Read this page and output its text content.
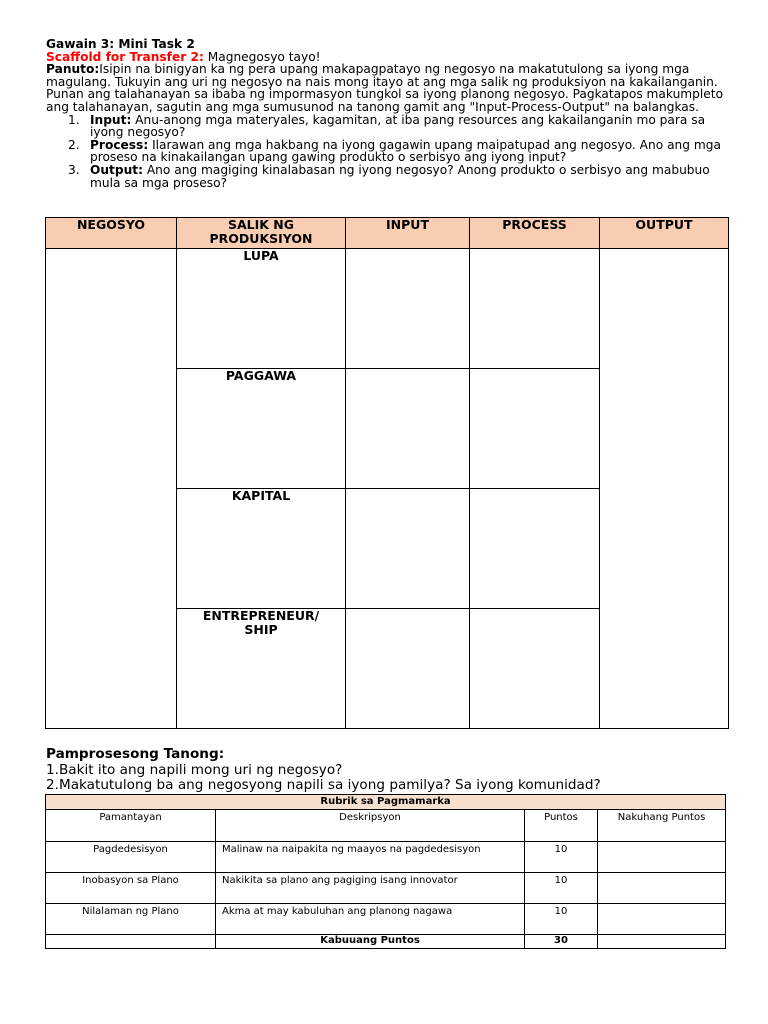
Gawain 3: Mini Task 2

Scaffold for Transfer 2: Magnegosyo tayo!

Panuto:Isipin na binigyan ka ng pera upang makapagpatayo ng negosyo na makatutulong sa iyong mga magulang. Tukuyin ang uri ng negosyo na nais mong itayo at ang mga salik ng produksiyon na kakailanganin. Punan ang talahanayan sa ibaba ng impormasyon tungkol sa iyong planong negosyo. Pagkatapos makumpleto ang talahanayan, sagutin ang mga sumusunod na tanong gamit ang "Input-Process-Output" na balangkas.

1. Input: Anu-anong mga materyales, kagamitan, at iba pang resources ang kakailanganin mo para sa iyong negosyo?
2. Process: Ilarawan ang mga hakbang na iyong gagawin upang maipatupad ang negosyo. Ano ang mga proseso na kinakailangan upang gawing produkto o serbisyo ang iyong input?
3. Output: Ano ang magiging kinalabasan ng iyong negosyo? Anong produkto o serbisyo ang mabubuo mula sa mga proseso?
NEGOSYO	SALIK NG PRODUKSIYON	INPUT	PROCESS	OUTPUT
	LUPA			
	PAGGAWA			
	KAPITAL			
	ENTREPRENEUR/ SHIP			

Pamprosesong Tanong:

1.Bakit ito ang napili mong uri ng negosyo?

2.Makatutulong ba ang negosyong napili sa iyong pamilya? Sa iyong komunidad?

Rubrik sa Pagmamarka			
Pamantayan	Deskripsyon	Puntos	Nakuhang Puntos
Pagdedesisyon	Malinaw na naipakita ng maayos na pagdedesisyon	10	
Inobasyon sa Plano	Nakikita sa plano ang pagiging isang innovator	10	
Nilalaman ng Plano	Akma at may kabuluhan ang planong nagawa	10	
	Kabuuang Puntos	30	
